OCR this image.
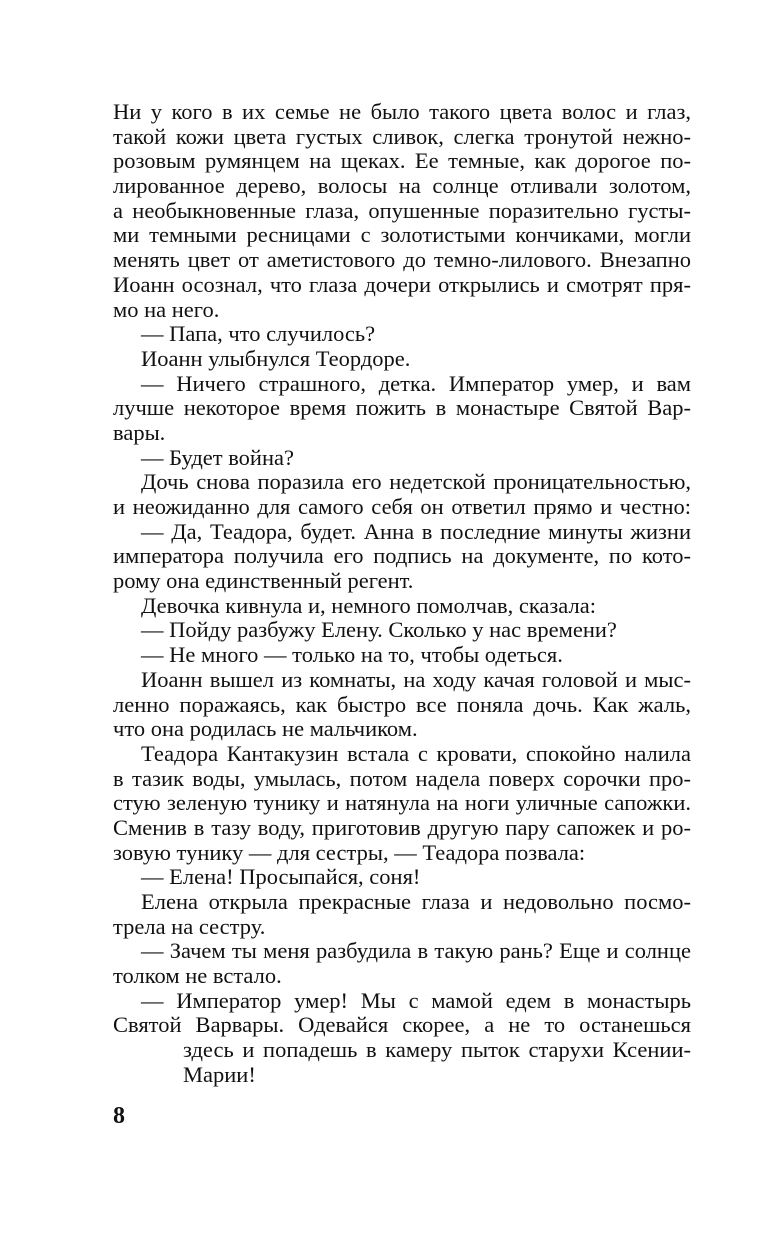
Ни у кого в их семье не было такого цвета волос и глаз,
такой кожи цвета густых сливок, слегка тронутой нежно-
розовым румянцем на щеках. Ее темные, как дорогое по-
лированное дерево, волосы на солнце отливали золотом,
а необыкновенные глаза, опушенные поразительно густы-
ми темными ресницами с золотистыми кончиками, могли
менять цвет от аметистового до темно-лилового. Внезапно
Иоанн осознал, что глаза дочери открылись и смотрят пря-
мо на него.
— Папа, что случилось?
Иоанн улыбнулся Теордоре.
— Ничего страшного, детка. Император умер, и вам
лучше некоторое время пожить в монастыре Святой Вар-
вары.
— Будет война?
Дочь снова поразила его недетской проницательностью,
и неожиданно для самого себя он ответил прямо и честно:
— Да, Теадора, будет. Анна в последние минуты жизни
императора получила его подпись на документе, по кото-
рому она единственный регент.
Девочка кивнула и, немного помолчав, сказала:
— Пойду разбужу Елену. Сколько у нас времени?
— Не много — только на то, чтобы одеться.
Иоанн вышел из комнаты, на ходу качая головой и мыс-
ленно поражаясь, как быстро все поняла дочь. Как жаль,
что она родилась не мальчиком.
Теадора Кантакузин встала с кровати, спокойно налила
в тазик воды, умылась, потом надела поверх сорочки про-
стую зеленую тунику и натянула на ноги уличные сапожки.
Сменив в тазу воду, приготовив другую пару сапожек и ро-
зовую тунику — для сестры, — Теадора позвала:
— Елена! Просыпайся, соня!
Елена открыла прекрасные глаза и недовольно посмо-
трела на сестру.
— Зачем ты меня разбудила в такую рань? Еще и солнце
толком не встало.
— Император умер! Мы с мамой едем в монастырь
Святой Варвары. Одевайся скорее, а не то останешься
здесь и попадешь в камеру пыток старухи Ксении-
Марии!
8
